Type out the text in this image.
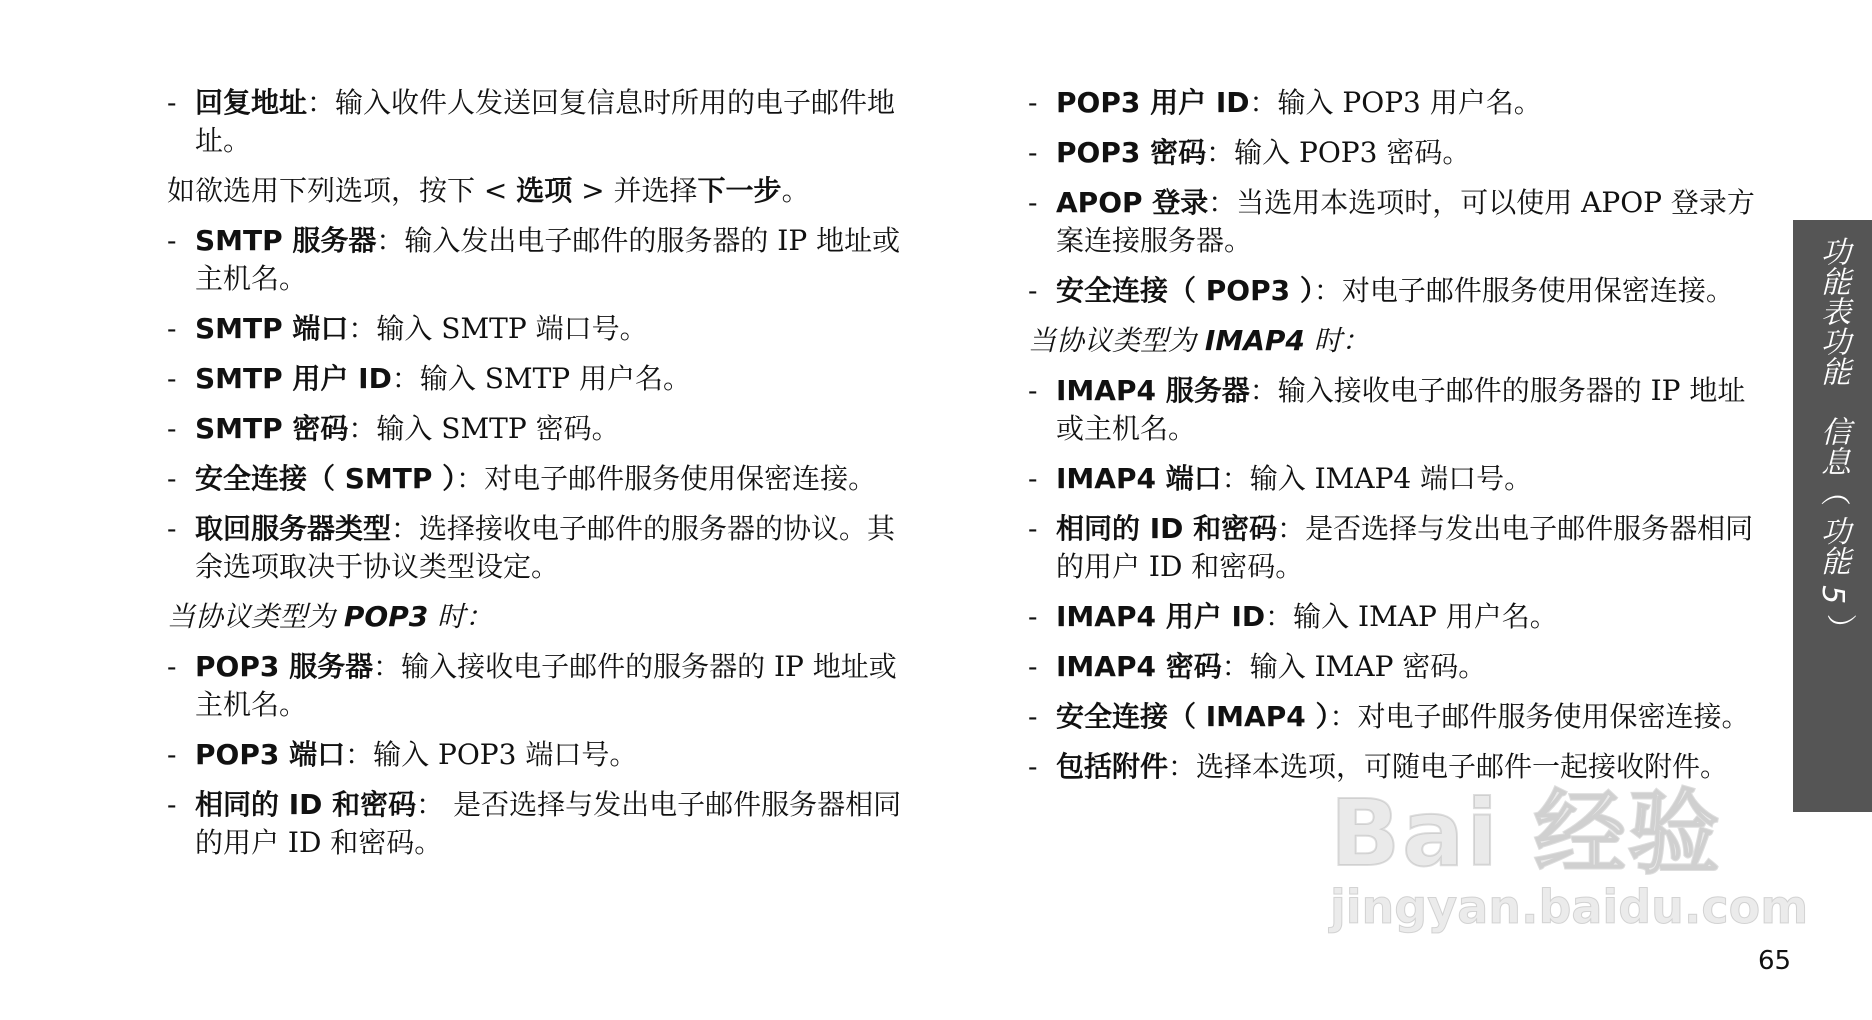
- 回复地址：输入收件人发送回复信息时所用的电子邮件地址。
如欲选用下列选项，按下 < 选项 > 并选择下一步。
- SMTP 服务器：输入发出电子邮件的服务器的 IP 地址或主机名。
- SMTP 端口：输入 SMTP 端口号。
- SMTP 用户 ID：输入 SMTP 用户名。
- SMTP 密码：输入 SMTP 密码。
- 安全连接（ SMTP ）：对电子邮件服务使用保密连接。
- 取回服务器类型：选择接收电子邮件的服务器的协议。其余选项取决于协议类型设定。
当协议类型为 POP3 时：
- POP3 服务器：输入接收电子邮件的服务器的 IP 地址或主机名。
- POP3 端口：输入 POP3 端口号。
- 相同的 ID 和密码： 是否选择与发出电子邮件服务器相同的用户 ID 和密码。
- POP3 用户 ID：输入 POP3 用户名。
- POP3 密码：输入 POP3 密码。
- APOP 登录：当选用本选项时，可以使用 APOP 登录方案连接服务器。
- 安全连接（ POP3 ）：对电子邮件服务使用保密连接。
当协议类型为 IMAP4 时：
- IMAP4 服务器：输入接收电子邮件的服务器的 IP 地址或主机名。
- IMAP4 端口：输入 IMAP4 端口号。
- 相同的 ID 和密码：是否选择与发出电子邮件服务器相同的用户 ID 和密码。
- IMAP4 用户 ID：输入 IMAP 用户名。
- IMAP4 密码：输入 IMAP 密码。
- 安全连接（ IMAP4 ）：对电子邮件服务使用保密连接。
- 包括附件：选择本选项，可随电子邮件一起接收附件。
功能表功能　信息（ 功能 5 ）
65
Bai 经验
jingyan.baidu.com
